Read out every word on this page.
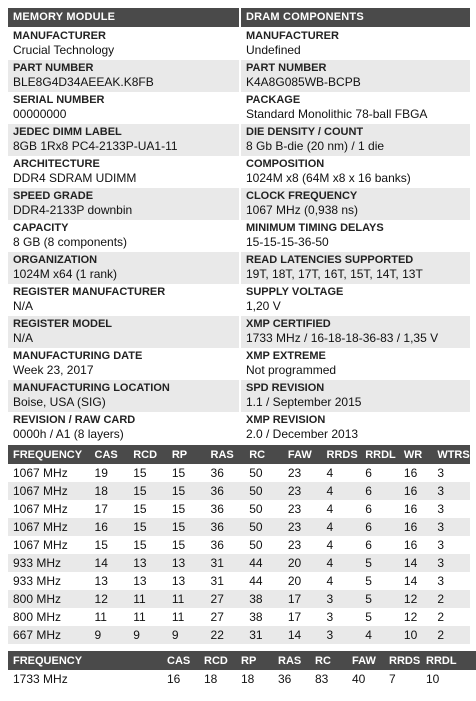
MEMORY MODULE
MANUFACTURER
Crucial Technology
PART NUMBER
BLE8G4D34AEEAK.K8FB
SERIAL NUMBER
00000000
JEDEC DIMM LABEL
8GB 1Rx8 PC4-2133P-UA1-11
ARCHITECTURE
DDR4 SDRAM UDIMM
SPEED GRADE
DDR4-2133P downbin
CAPACITY
8 GB (8 components)
ORGANIZATION
1024M x64 (1 rank)
REGISTER MANUFACTURER
N/A
REGISTER MODEL
N/A
MANUFACTURING DATE
Week 23, 2017
MANUFACTURING LOCATION
Boise, USA (SIG)
REVISION / RAW CARD
0000h / A1 (8 layers)
DRAM COMPONENTS
MANUFACTURER
Undefined
PART NUMBER
K4A8G085WB-BCPB
PACKAGE
Standard Monolithic 78-ball FBGA
DIE DENSITY / COUNT
8 Gb B-die (20 nm) / 1 die
COMPOSITION
1024M x8 (64M x8 x 16 banks)
CLOCK FREQUENCY
1067 MHz (0,938 ns)
MINIMUM TIMING DELAYS
15-15-15-36-50
READ LATENCIES SUPPORTED
19T, 18T, 17T, 16T, 15T, 14T, 13T
SUPPLY VOLTAGE
1,20 V
XMP CERTIFIED
1733 MHz / 16-18-18-36-83 / 1,35 V
XMP EXTREME
Not programmed
SPD REVISION
1.1 / September 2015
XMP REVISION
2.0 / December 2013
FREQUENCY	CAS	RCD	RP	RAS	RC	FAW	RRDS	RRDL	WR	WTRS
1067 MHz	19	15	15	36	50	23	4	6	16	3
1067 MHz	18	15	15	36	50	23	4	6	16	3
1067 MHz	17	15	15	36	50	23	4	6	16	3
1067 MHz	16	15	15	36	50	23	4	6	16	3
1067 MHz	15	15	15	36	50	23	4	6	16	3
933 MHz	14	13	13	31	44	20	4	5	14	3
933 MHz	13	13	13	31	44	20	4	5	14	3
800 MHz	12	11	11	27	38	17	3	5	12	2
800 MHz	11	11	11	27	38	17	3	5	12	2
667 MHz	9	9	9	22	31	14	3	4	10	2
FREQUENCY		CAS	RCD	RP	RAS	RC	FAW	RRDS	RRDL
1733 MHz		16	18	18	36	83	40	7	10
